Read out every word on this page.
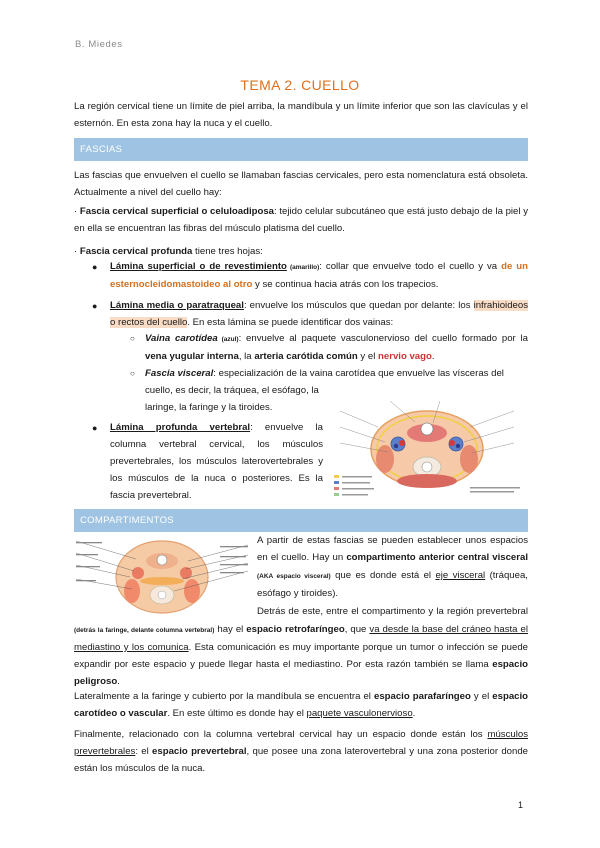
B. Miedes
TEMA 2. CUELLO
La región cervical tiene un límite de piel arriba, la mandíbula y un límite inferior que son las clavículas y el esternón. En esta zona hay la nuca y el cuello.
FASCIAS
Las fascias que envuelven el cuello se llamaban fascias cervicales, pero esta nomenclatura está obsoleta. Actualmente a nivel del cuello hay:
· Fascia cervical superficial o celuloadiposa: tejido celular subcutáneo que está justo debajo de la piel y en ella se encuentran las fibras del músculo platisma del cuello.
· Fascia cervical profunda tiene tres hojas:
● Lámina superficial o de revestimiento (amarillo): collar que envuelve todo el cuello y va de un esternocleidomastoideo al otro y se continua hacia atrás con los trapecios.
● Lámina media o paratraqueal: envuelve los músculos que quedan por delante: los infrahioideos o rectos del cuello. En esta lámina se puede identificar dos vainas:
○ Vaina carotídea (azul): envuelve al paquete vasculonervioso del cuello formado por la vena yugular interna, la arteria carótida común y el nervio vago.
○ Fascia visceral: especialización de la vaina carotídea que envuelve las vísceras del
cuello, es decir, la tráquea, el esófago, la laringe, la faringe y la tiroides.
● Lámina profunda vertebral: envuelve la columna vertebral cervical, los músculos prevertebrales, los músculos laterovertebrales y los músculos de la nuca o posteriores. Es la fascia prevertebral.
COMPARTIMENTOS
A partir de estas fascias se pueden establecer unos espacios en el cuello. Hay un compartimento anterior central visceral (AKA espacio visceral) que es donde está el eje visceral (tráquea, esófago y tiroides).
Detrás de este, entre el compartimento y la región prevertebral (detrás la faringe, delante columna vertebral) hay el espacio retrofaríngeo, que va desde la base del cráneo hasta el mediastino y los comunica. Esta comunicación es muy importante porque un tumor o infección se puede expandir por este espacio y puede llegar hasta el mediastino. Por esta razón también se llama espacio peligroso.
Lateralmente a la faringe y cubierto por la mandíbula se encuentra el espacio parafaríngeo y el espacio carotídeo o vascular. En este último es donde hay el paquete vasculonervioso.
Finalmente, relacionado con la columna vertebral cervical hay un espacio donde están los músculos prevertebrales: el espacio prevertebral, que posee una zona laterovertebral y una zona posterior donde están los músculos de la nuca.
1
